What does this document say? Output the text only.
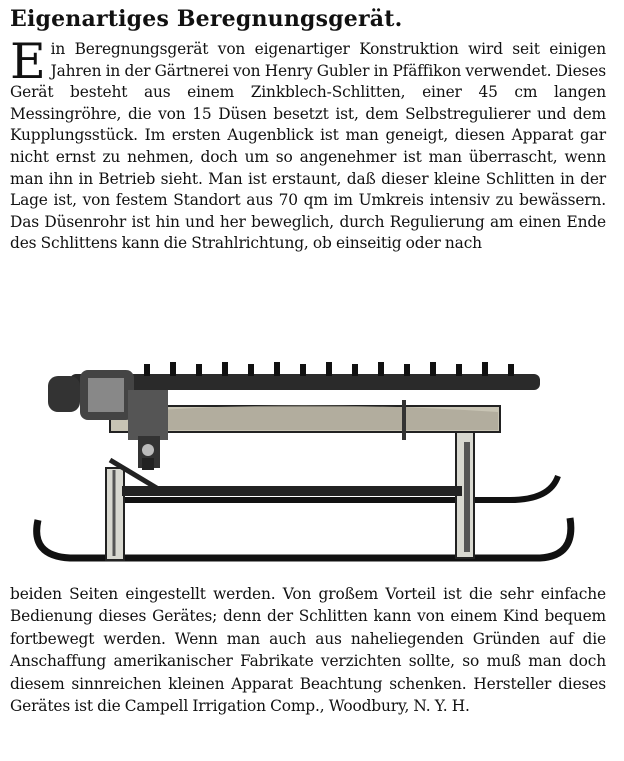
Eigenartiges Beregnungsgerät.

Ein Beregnungsgerät von eigenartiger Konstruktion wird seit einigen Jahren in der Gärtnerei von Henry Gubler in Pfäffikon verwendet. Dieses Gerät besteht aus einem Zinkblech-Schlitten, einer 45 cm langen Messingröhre, die von 15 Düsen besetzt ist, dem Selbstregulierer und dem Kupplungsstück. Im ersten Augenblick ist man geneigt, diesen Apparat gar nicht ernst zu nehmen, doch um so angenehmer ist man überrascht, wenn man ihn in Betrieb sieht. Man ist erstaunt, daß dieser kleine Schlitten in der Lage ist, von festem Standort aus 70 qm im Umkreis intensiv zu bewässern. Das Düsenrohr ist hin und her beweglich, durch Regulierung am einen Ende des Schlittens kann die Strahlrichtung, ob einseitig oder nach

beiden Seiten eingestellt werden. Von großem Vorteil ist die sehr einfache Bedienung dieses Gerätes; denn der Schlitten kann von einem Kind bequem fortbewegt werden. Wenn man auch aus naheliegenden Gründen auf die Anschaffung amerikanischer Fabrikate verzichten sollte, so muß man doch diesem sinnreichen kleinen Apparat Beachtung schenken. Hersteller dieses Gerätes ist die Campell Irrigation Comp., Woodbury, N. Y. H.
